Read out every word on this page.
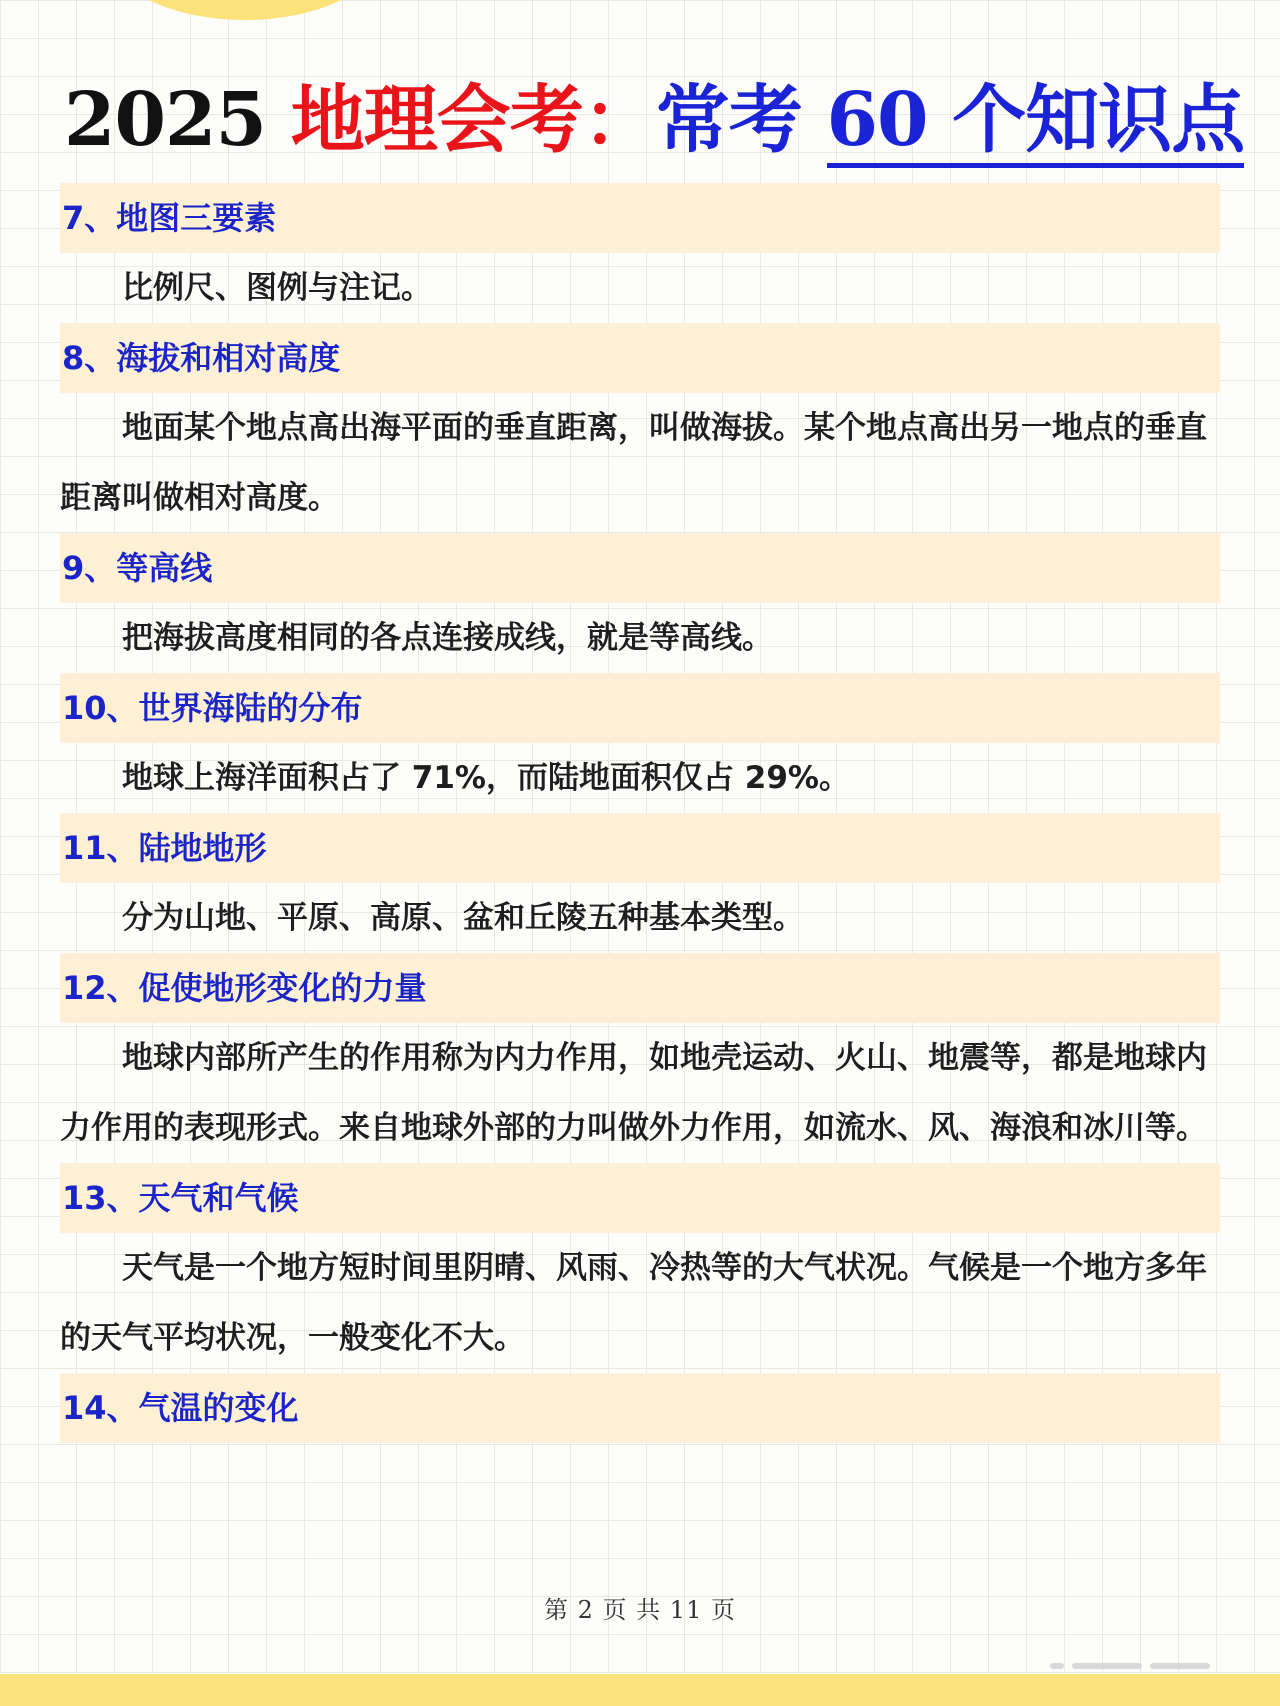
2025 地理会考：常考 60 个知识点
7、地图三要素

比例尺、图例与注记。

8、海拔和相对高度

地面某个地点高出海平面的垂直距离，叫做海拔。某个地点高出另一地点的垂直距离叫做相对高度。

9、等高线

把海拔高度相同的各点连接成线，就是等高线。

10、世界海陆的分布

地球上海洋面积占了 71%，而陆地面积仅占 29%。

11、陆地地形

分为山地、平原、高原、盆和丘陵五种基本类型。

12、促使地形变化的力量

地球内部所产生的作用称为内力作用，如地壳运动、火山、地震等，都是地球内力作用的表现形式。来自地球外部的力叫做外力作用，如流水、风、海浪和冰川等。

13、天气和气候

天气是一个地方短时间里阴晴、风雨、冷热等的大气状况。气候是一个地方多年的天气平均状况，一般变化不大。

14、气温的变化
第 2 页 共 11 页
